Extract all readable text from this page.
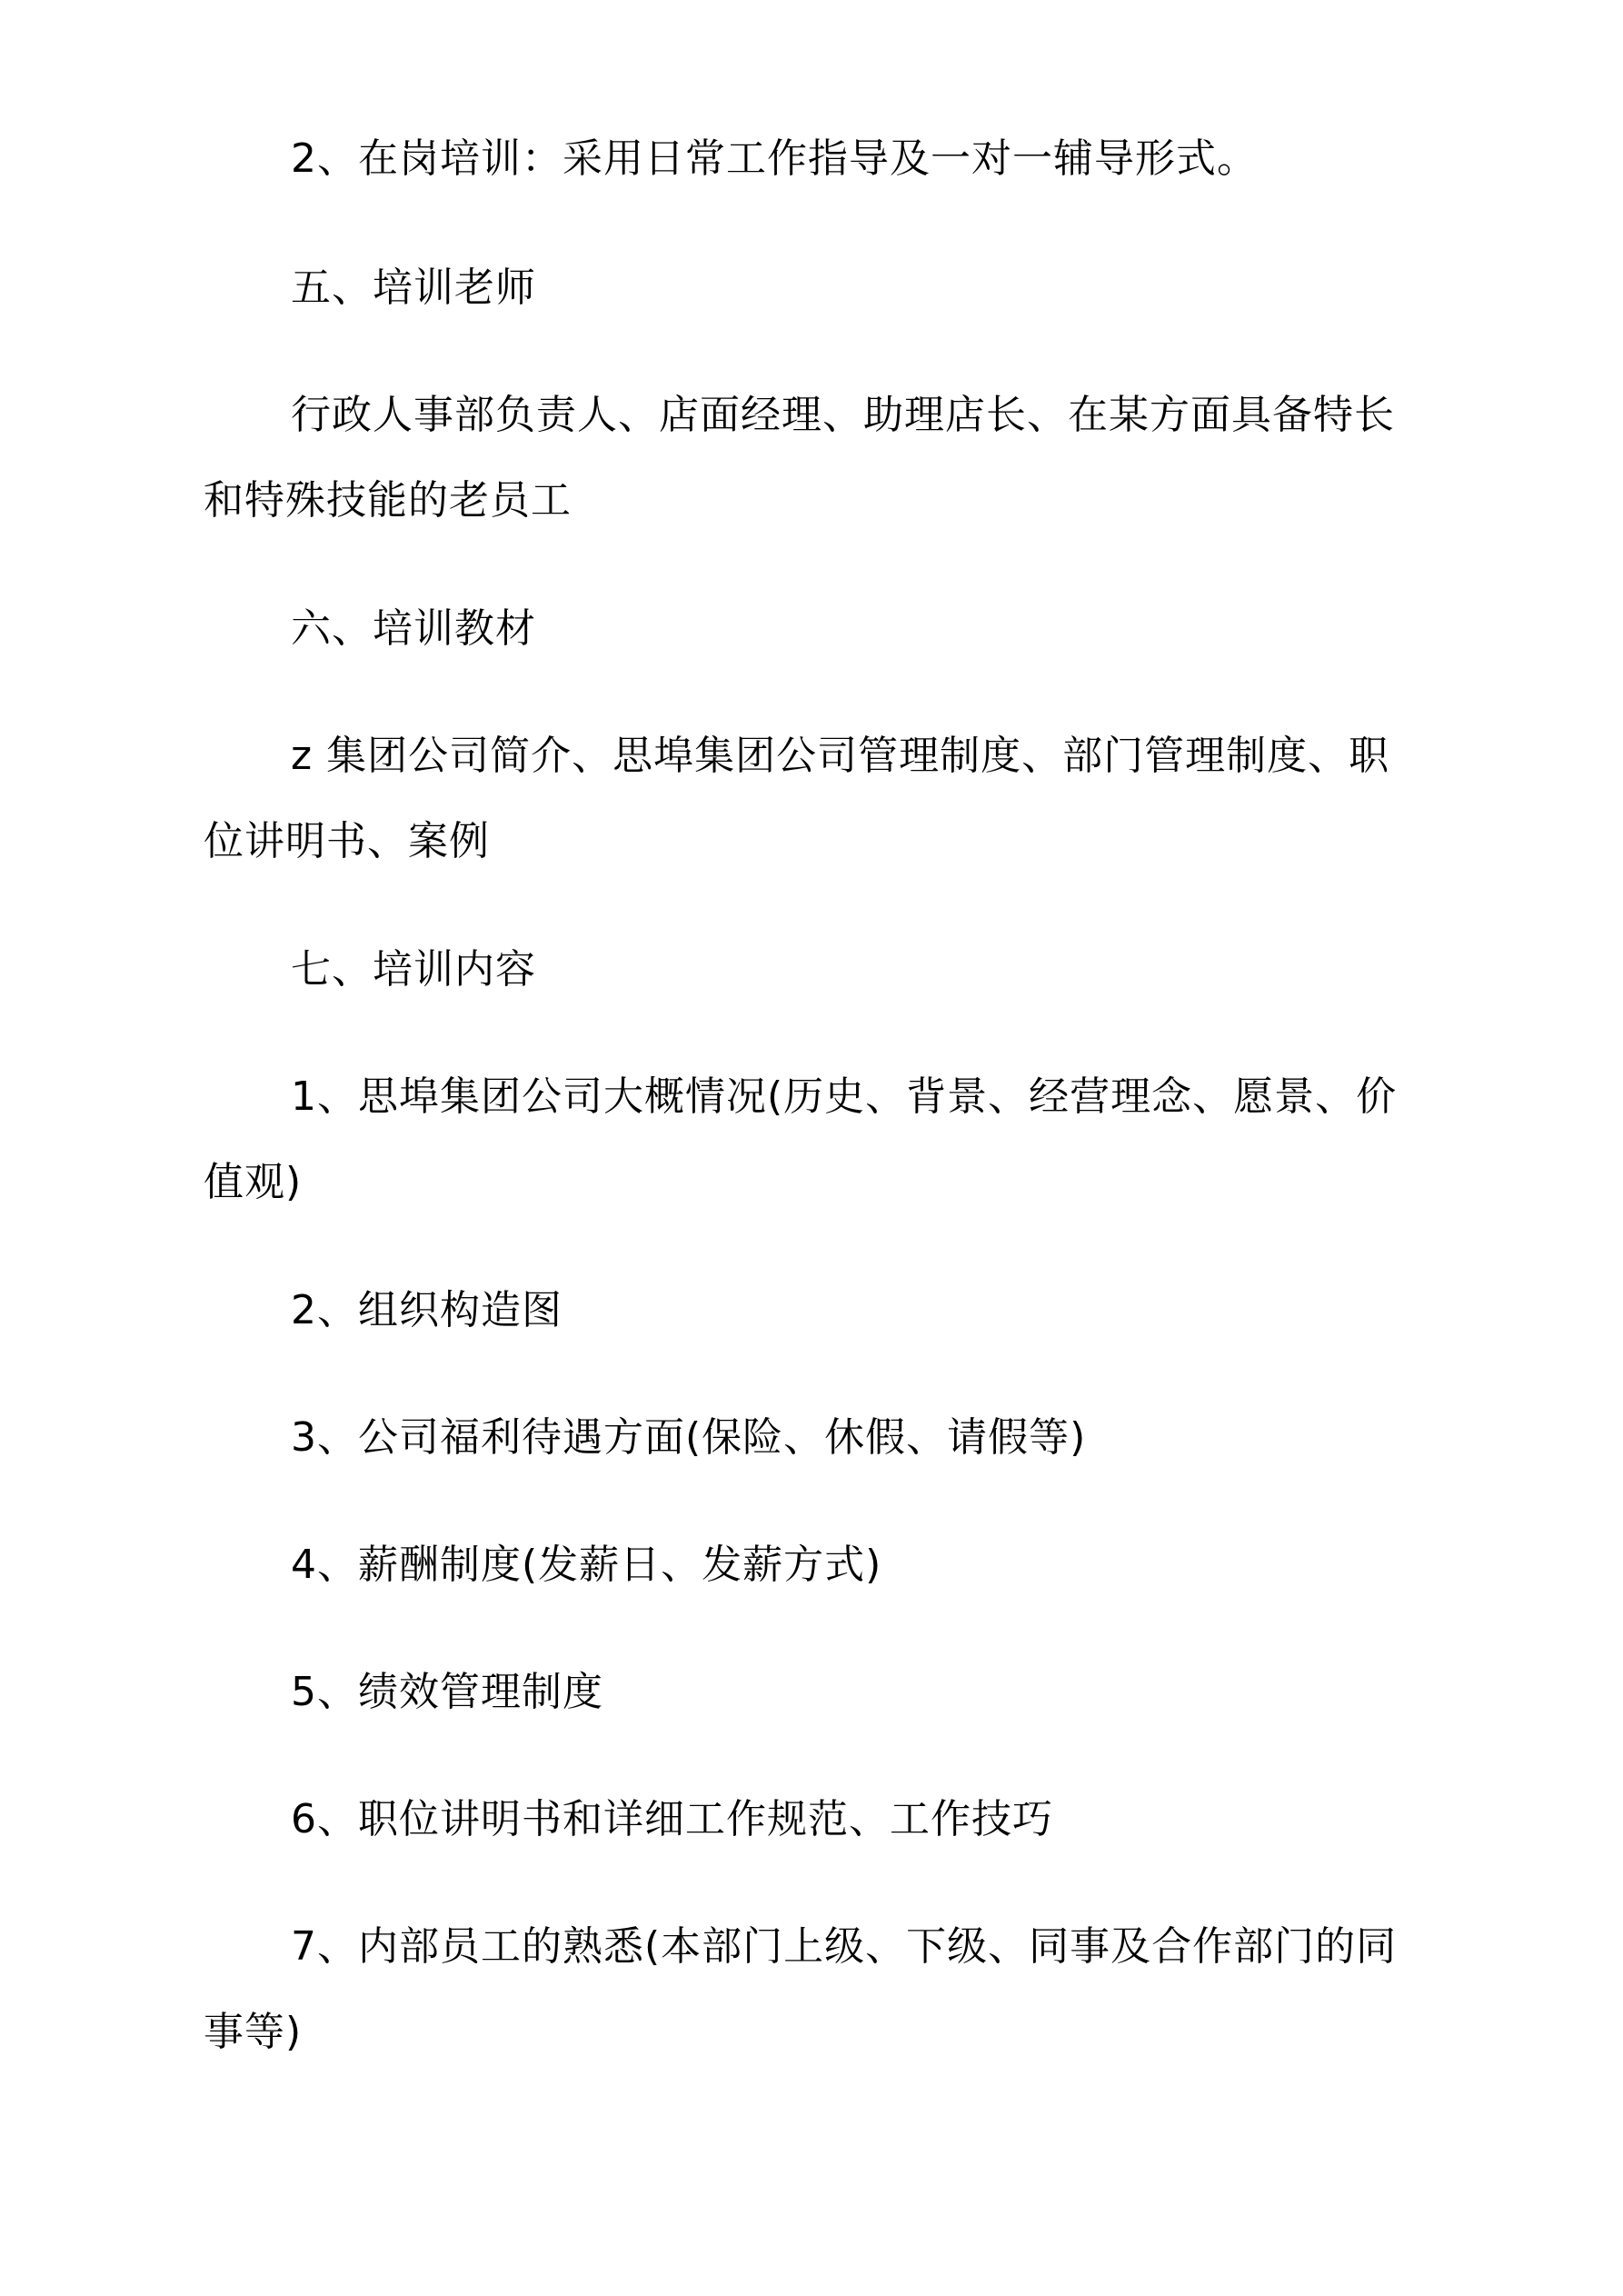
2、在岗培训：采用日常工作指导及一对一辅导形式。

五、培训老师

行政人事部负责人、店面经理、助理店长、在某方面具备特长和特殊技能的老员工

六、培训教材

z 集团公司简介、思埠集团公司管理制度、部门管理制度、职位讲明书、案例

七、培训内容

1、思埠集团公司大概情况(历史、背景、经营理念、愿景、价值观)

2、组织构造图

3、公司福利待遇方面(保险、休假、请假等)

4、薪酬制度(发薪日、发薪方式)

5、绩效管理制度

6、职位讲明书和详细工作规范、工作技巧

7、内部员工的熟悉(本部门上级、下级、同事及合作部门的同事等)
